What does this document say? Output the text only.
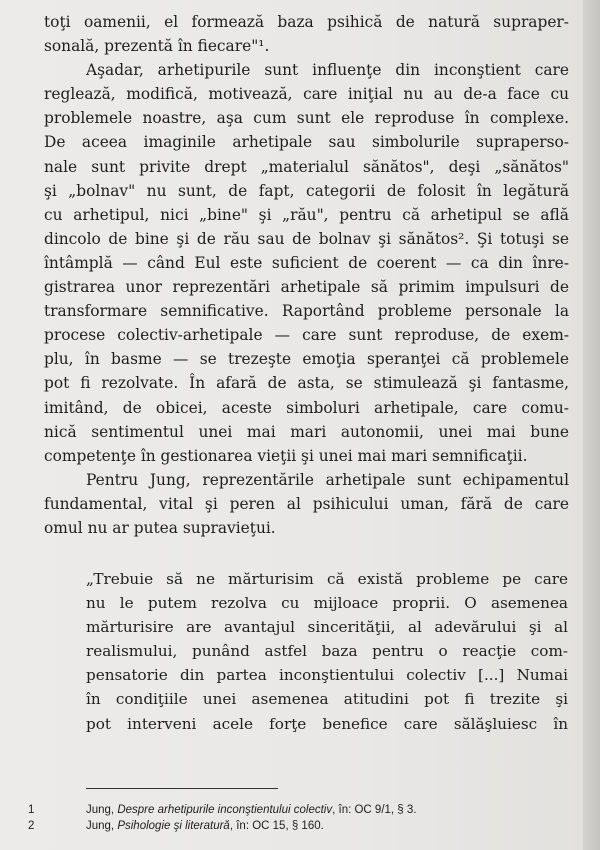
toţi oamenii, el formează baza psihică de natură supraper-
sonală, prezentă în fiecare"¹.
Aşadar, arhetipurile sunt influenţe din inconştient care
reglează, modifică, motivează, care iniţial nu au de-a face cu
problemele noastre, aşa cum sunt ele reproduse în complexe.
De aceea imaginile arhetipale sau simbolurile supraperso-
nale sunt privite drept „materialul sănătos", deşi „sănătos"
şi „bolnav" nu sunt, de fapt, categorii de folosit în legătură
cu arhetipul, nici „bine" şi „rău", pentru că arhetipul se află
dincolo de bine şi de rău sau de bolnav şi sănătos². Şi totuşi se
întâmplă — când Eul este suficient de coerent — ca din înre-
gistrarea unor reprezentări arhetipale să primim impulsuri de
transformare semnificative. Raportând probleme personale la
procese colectiv-arhetipale — care sunt reproduse, de exem-
plu, în basme — se trezeşte emoţia speranţei că problemele
pot fi rezolvate. În afară de asta, se stimulează şi fantasme,
imitând, de obicei, aceste simboluri arhetipale, care comu-
nică sentimentul unei mai mari autonomii, unei mai bune
competenţe în gestionarea vieţii şi unei mai mari semnificaţii.
Pentru Jung, reprezentările arhetipale sunt echipamentul
fundamental, vital şi peren al psihicului uman, fără de care
omul nu ar putea supravieţui.
„Trebuie să ne mărturisim că există probleme pe care
nu le putem rezolva cu mijloace proprii. O asemenea
mărturisire are avantajul sincerităţii, al adevărului şi al
realismului, punând astfel baza pentru o reacţie com-
pensatorie din partea inconştientului colectiv [...] Numai
în condiţiile unei asemenea atitudini pot fi trezite şi
pot interveni acele forţe benefice care sălăşluiesc în
1	Jung, Despre arhetipurile inconştientului colectiv, în: OC 9/1, § 3.
2	Jung, Psihologie şi literatură, în: OC 15, § 160.
